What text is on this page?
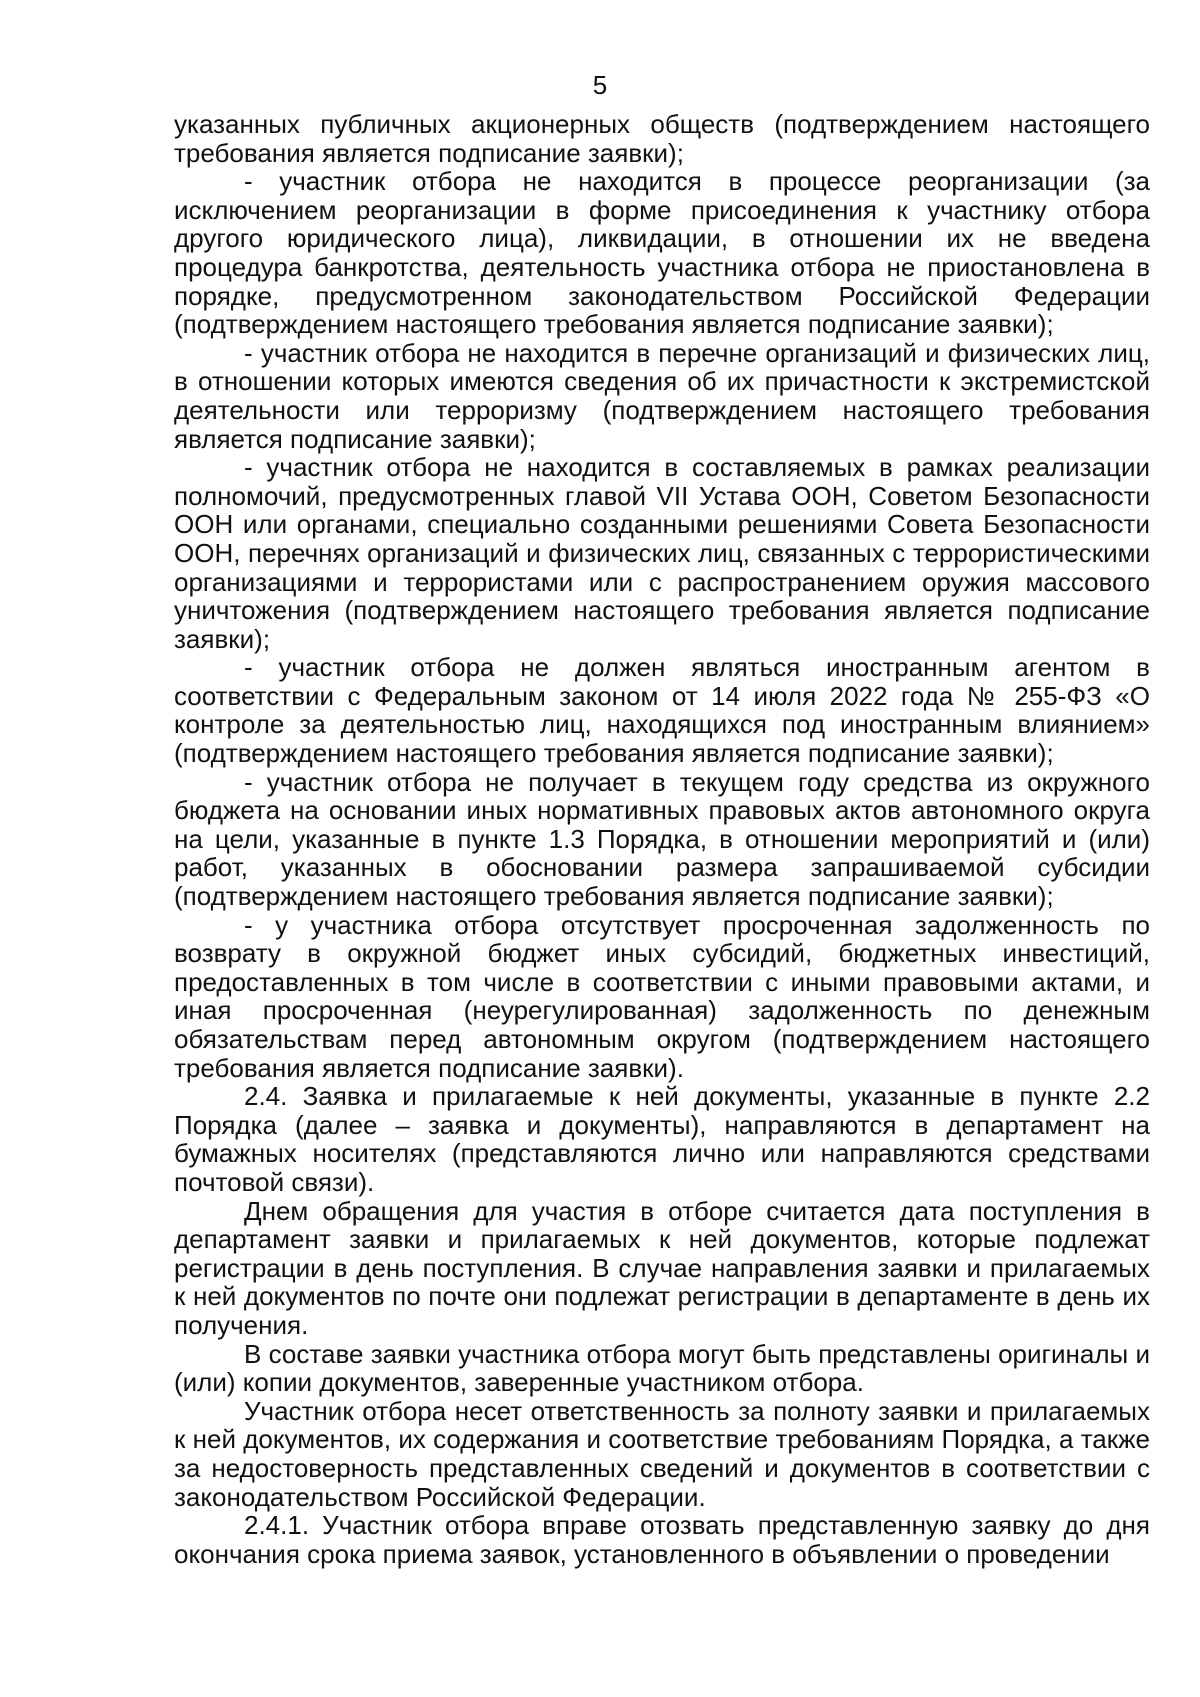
5

указанных публичных акционерных обществ (подтверждением настоящего требования является подписание заявки);

- участник отбора не находится в процессе реорганизации (за исключением реорганизации в форме присоединения к участнику отбора другого юридического лица), ликвидации, в отношении их не введена процедура банкротства, деятельность участника отбора не приостановлена в порядке, предусмотренном законодательством Российской Федерации (подтверждением настоящего требования является подписание заявки);

- участник отбора не находится в перечне организаций и физических лиц, в отношении которых имеются сведения об их причастности к экстремистской деятельности или терроризму (подтверждением настоящего требования является подписание заявки);

- участник отбора не находится в составляемых в рамках реализации полномочий, предусмотренных главой VII Устава ООН, Советом Безопасности ООН или органами, специально созданными решениями Совета Безопасности ООН, перечнях организаций и физических лиц, связанных с террористическими организациями и террористами или с распространением оружия массового уничтожения (подтверждением настоящего требования является подписание заявки);

- участник отбора не должен являться иностранным агентом в соответствии с Федеральным законом от 14 июля 2022 года № 255-ФЗ «О контроле за деятельностью лиц, находящихся под иностранным влиянием» (подтверждением настоящего требования является подписание заявки);

- участник отбора не получает в текущем году средства из окружного бюджета на основании иных нормативных правовых актов автономного округа на цели, указанные в пункте 1.3 Порядка, в отношении мероприятий и (или) работ, указанных в обосновании размера запрашиваемой субсидии (подтверждением настоящего требования является подписание заявки);

- у участника отбора отсутствует просроченная задолженность по возврату в окружной бюджет иных субсидий, бюджетных инвестиций, предоставленных в том числе в соответствии с иными правовыми актами, и иная просроченная (неурегулированная) задолженность по денежным обязательствам перед автономным округом (подтверждением настоящего требования является подписание заявки).

2.4. Заявка и прилагаемые к ней документы, указанные в пункте 2.2 Порядка (далее – заявка и документы), направляются в департамент на бумажных носителях (представляются лично или направляются средствами почтовой связи).

Днем обращения для участия в отборе считается дата поступления в департамент заявки и прилагаемых к ней документов, которые подлежат регистрации в день поступления. В случае направления заявки и прилагаемых к ней документов по почте они подлежат регистрации в департаменте в день их получения.

В составе заявки участника отбора могут быть представлены оригиналы и (или) копии документов, заверенные участником отбора.

Участник отбора несет ответственность за полноту заявки и прилагаемых к ней документов, их содержания и соответствие требованиям Порядка, а также за недостоверность представленных сведений и документов в соответствии с законодательством Российской Федерации.

2.4.1. Участник отбора вправе отозвать представленную заявку до дня окончания срока приема заявок, установленного в объявлении о проведении
